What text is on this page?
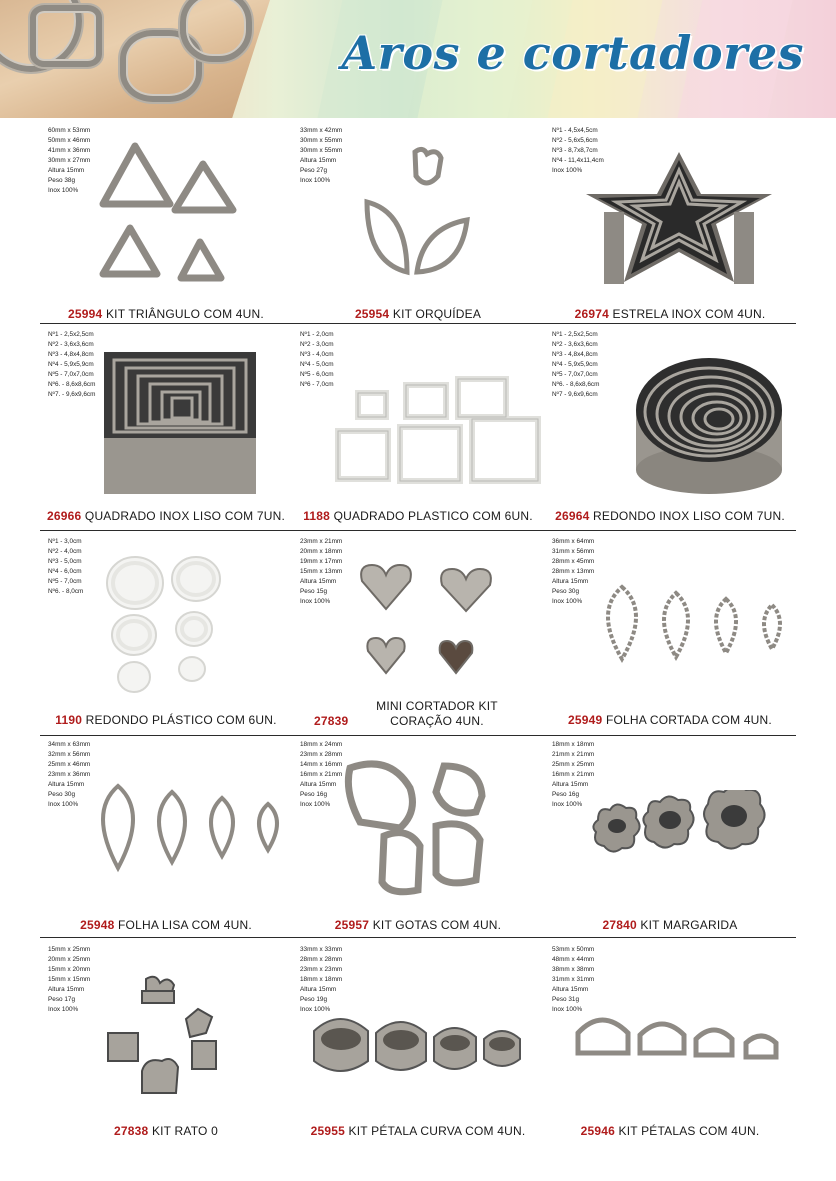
Aros e cortadores
60mm x 53mm
50mm x 46mm
41mm x 36mm
30mm x 27mm
Altura 15mm
Peso 38g
Inox 100%
25994 KIT TRIÂNGULO COM 4UN.
33mm x 42mm
30mm x 55mm
30mm x 55mm
Altura 15mm
Peso 27g
Inox 100%
25954 KIT ORQUÍDEA
Nº1 - 4,5x4,5cm
Nº2 - 5,6x5,6cm
Nº3 - 8,7x8,7cm
Nº4 - 11,4x11,4cm
Inox 100%
26974 ESTRELA INOX COM 4UN.
Nº1 - 2,5x2,5cm
Nº2 - 3,6x3,6cm
Nº3 - 4,8x4,8cm
Nº4 - 5,9x5,9cm
Nº5 - 7,0x7,0cm
Nº6. - 8,6x8,6cm
Nº7. - 9,6x9,6cm
26966 QUADRADO INOX LISO COM 7UN.
Nº1 - 2,0cm
Nº2 - 3,0cm
Nº3 - 4,0cm
Nº4 - 5,0cm
Nº5 - 6,0cm
Nº6 - 7,0cm
1188 QUADRADO PLASTICO COM 6UN.
Nº1 - 2,5x2,5cm
Nº2 - 3,6x3,6cm
Nº3 - 4,8x4,8cm
Nº4 - 5,9x5,9cm
Nº5 - 7,0x7,0cm
Nº6. - 8,6x8,6cm
Nº7 - 9,6x9,6cm
26964 REDONDO INOX LISO COM 7UN.
Nº1 - 3,0cm
Nº2 - 4,0cm
Nº3 - 5,0cm
Nº4 - 6,0cm
Nº5 - 7,0cm
Nº6. - 8,0cm
1190 REDONDO PLÁSTICO COM 6UN.
23mm x 21mm
20mm x 18mm
19mm x 17mm
15mm x 13mm
Altura 15mm
Peso 15g
Inox 100%
27839 MINI CORTADOR KIT CORAÇÃO 4UN.
36mm x 64mm
31mm x 56mm
28mm x 45mm
28mm x 13mm
Altura 15mm
Peso 30g
Inox 100%
25949 FOLHA CORTADA COM 4UN.
34mm x 63mm
32mm x 56mm
25mm x 46mm
23mm x 36mm
Altura 15mm
Peso 30g
Inox 100%
25948 FOLHA LISA COM 4UN.
18mm x 24mm
23mm x 28mm
14mm x 16mm
16mm x 21mm
Altura 15mm
Peso 16g
Inox 100%
25957 KIT GOTAS COM 4UN.
18mm x 18mm
21mm x 21mm
25mm x 25mm
16mm x 21mm
Altura 15mm
Peso 16g
Inox 100%
27840 KIT MARGARIDA
15mm x 25mm
20mm x 25mm
15mm x 20mm
15mm x 15mm
Altura 15mm
Peso 17g
Inox 100%
27838 KIT RATO 0
33mm x 33mm
28mm x 28mm
23mm x 23mm
18mm x 18mm
Altura 15mm
Peso 19g
Inox 100%
25955 KIT PÉTALA CURVA COM 4UN.
53mm x 50mm
48mm x 44mm
38mm x 38mm
31mm x 31mm
Altura 15mm
Peso 31g
Inox 100%
25946 KIT PÉTALAS COM 4UN.
